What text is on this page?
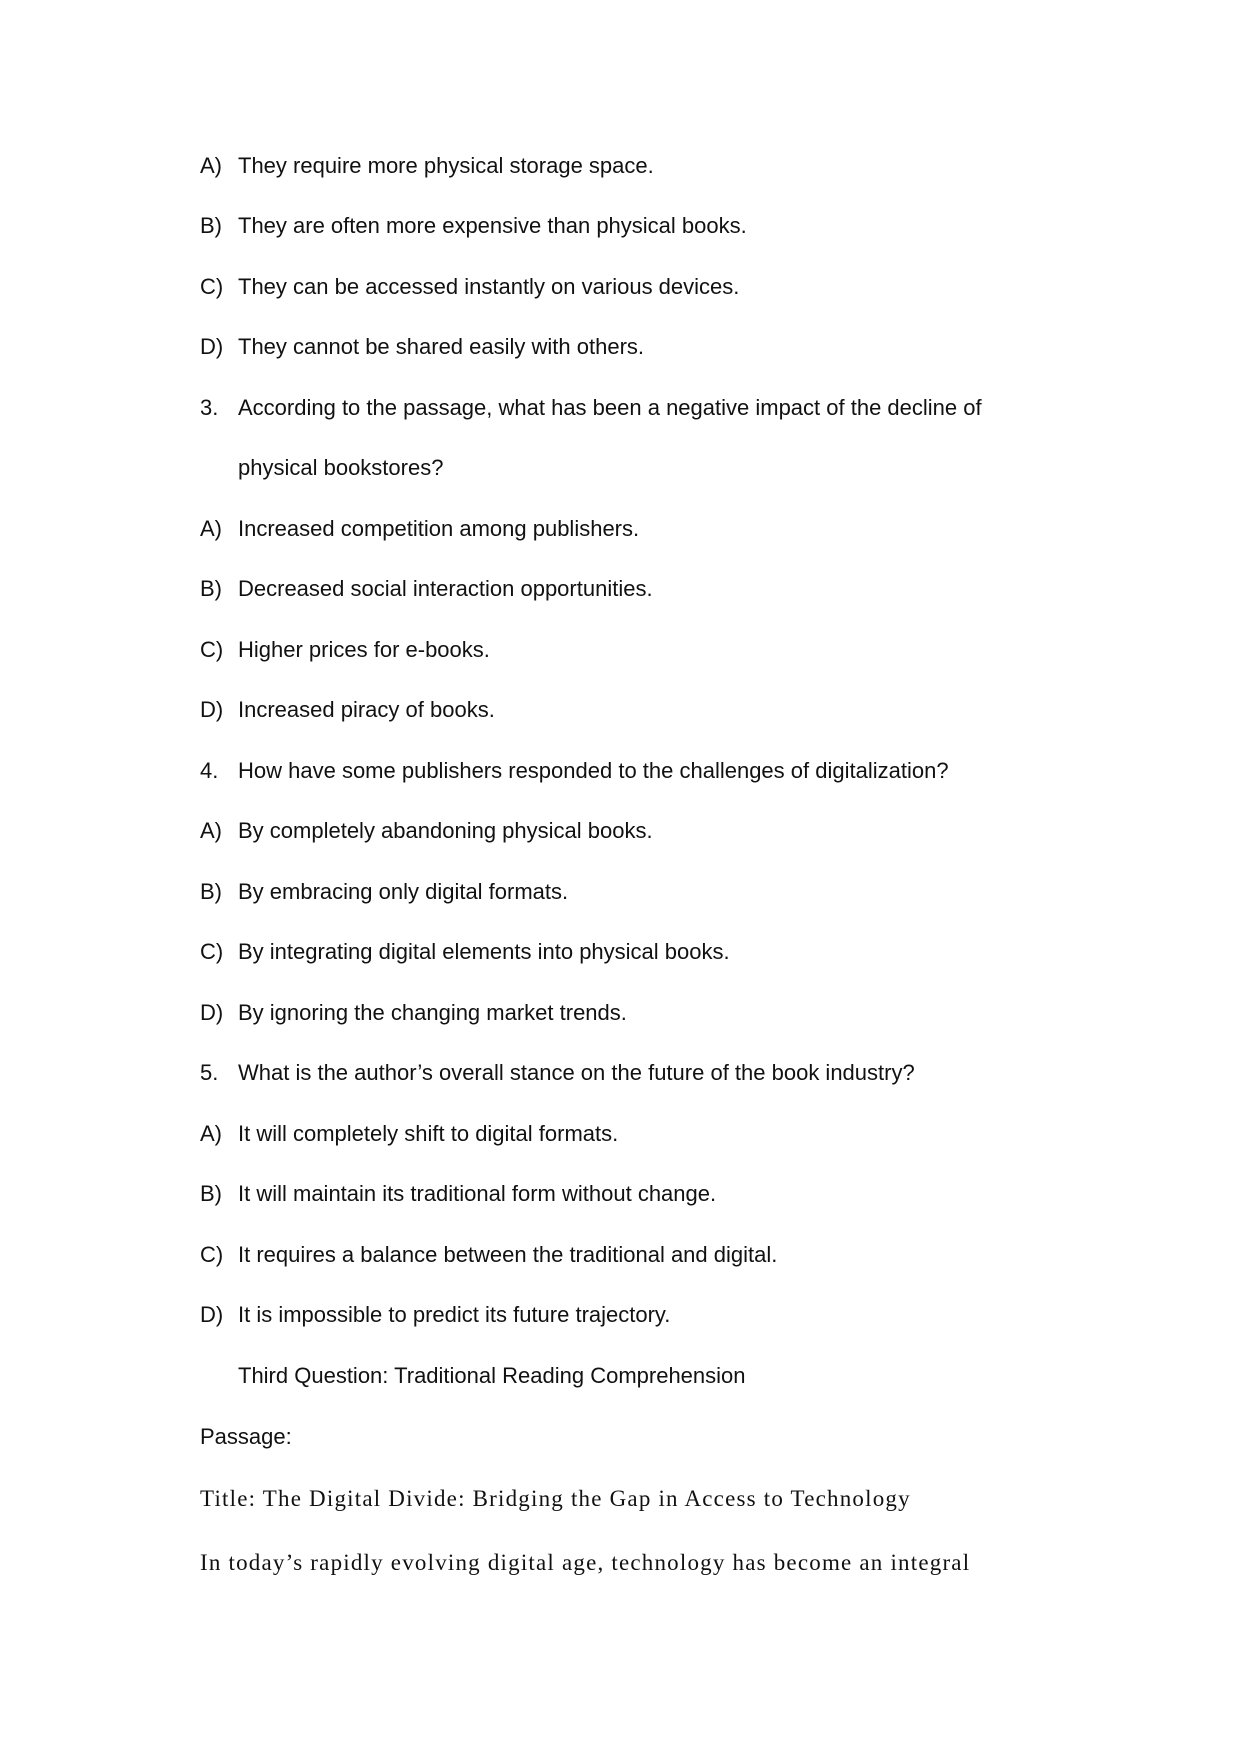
A) They require more physical storage space.
B) They are often more expensive than physical books.
C) They can be accessed instantly on various devices.
D) They cannot be shared easily with others.
3. According to the passage, what has been a negative impact of the decline of
physical bookstores?
A) Increased competition among publishers.
B) Decreased social interaction opportunities.
C) Higher prices for e-books.
D) Increased piracy of books.
4. How have some publishers responded to the challenges of digitalization?
A) By completely abandoning physical books.
B) By embracing only digital formats.
C) By integrating digital elements into physical books.
D) By ignoring the changing market trends.
5. What is the author’s overall stance on the future of the book industry?
A) It will completely shift to digital formats.
B) It will maintain its traditional form without change.
C) It requires a balance between the traditional and digital.
D) It is impossible to predict its future trajectory.
Third Question: Traditional Reading Comprehension
Passage:
Title: The Digital Divide: Bridging the Gap in Access to Technology
In today’s rapidly evolving digital age, technology has become an integral
